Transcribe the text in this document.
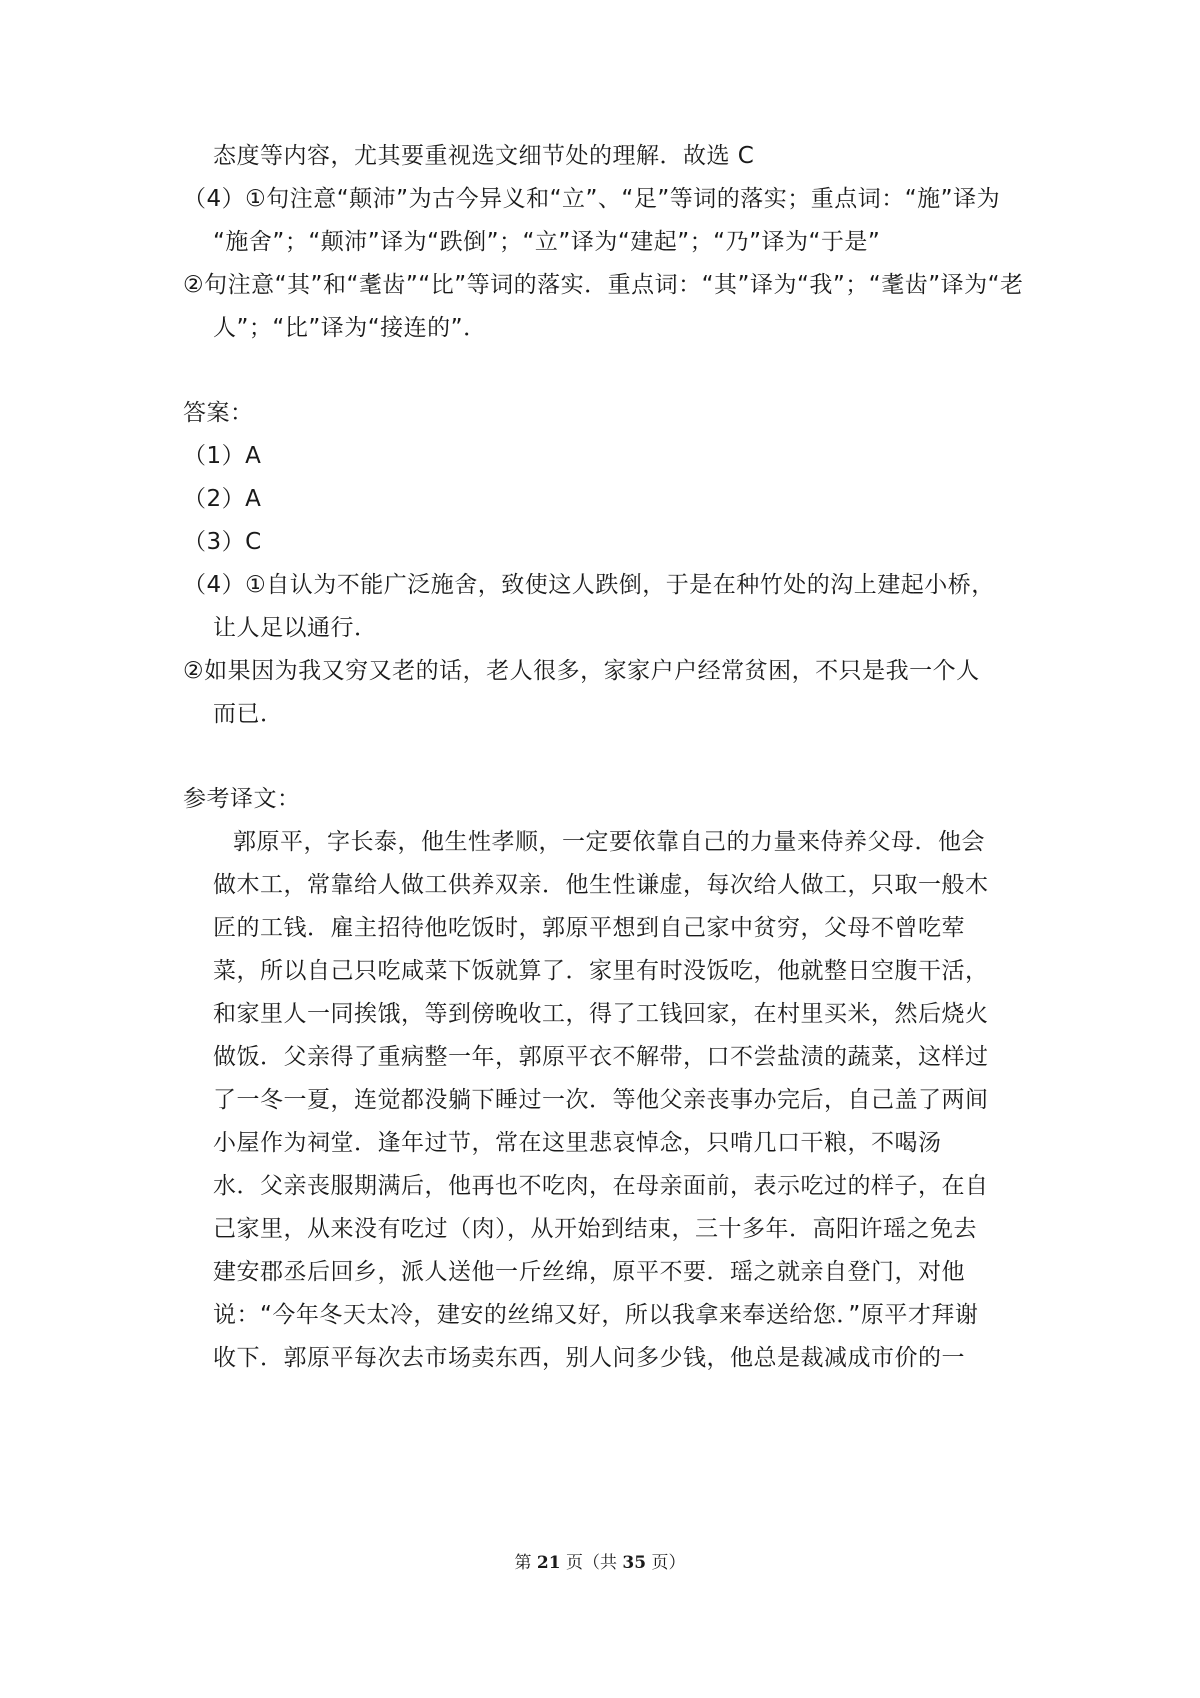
态度等内容，尤其要重视选文细节处的理解．故选 C
（4）①句注意“颠沛”为古今异义和“立”、“足”等词的落实；重点词：“施”译为
“施舍”；“颠沛”译为“跌倒”；“立”译为“建起”；“乃”译为“于是”
②句注意“其”和“耄齿”“比”等词的落实．重点词：“其”译为“我”；“耄齿”译为“老
人”；“比”译为“接连的”．
答案：
（1）A
（2）A
（3）C
（4）①自认为不能广泛施舍，致使这人跌倒，于是在种竹处的沟上建起小桥，
让人足以通行．
②如果因为我又穷又老的话，老人很多，家家户户经常贫困，不只是我一个人
而已．
参考译文：
郭原平，字长泰，他生性孝顺，一定要依靠自己的力量来侍养父母．他会
做木工，常靠给人做工供养双亲．他生性谦虚，每次给人做工，只取一般木
匠的工钱．雇主招待他吃饭时，郭原平想到自己家中贫穷，父母不曾吃荤
菜，所以自己只吃咸菜下饭就算了．家里有时没饭吃，他就整日空腹干活，
和家里人一同挨饿，等到傍晚收工，得了工钱回家，在村里买米，然后烧火
做饭．父亲得了重病整一年，郭原平衣不解带，口不尝盐渍的蔬菜，这样过
了一冬一夏，连觉都没躺下睡过一次．等他父亲丧事办完后，自己盖了两间
小屋作为祠堂．逢年过节，常在这里悲哀悼念，只啃几口干粮，不喝汤
水．父亲丧服期满后，他再也不吃肉，在母亲面前，表示吃过的样子，在自
己家里，从来没有吃过（肉），从开始到结束，三十多年．高阳许瑶之免去
建安郡丞后回乡，派人送他一斤丝绵，原平不要．瑶之就亲自登门，对他
说：“今年冬天太冷，建安的丝绵又好，所以我拿来奉送给您．”原平才拜谢
收下．郭原平每次去市场卖东西，别人问多少钱，他总是裁减成市价的一
第 21 页（共 35 页）
